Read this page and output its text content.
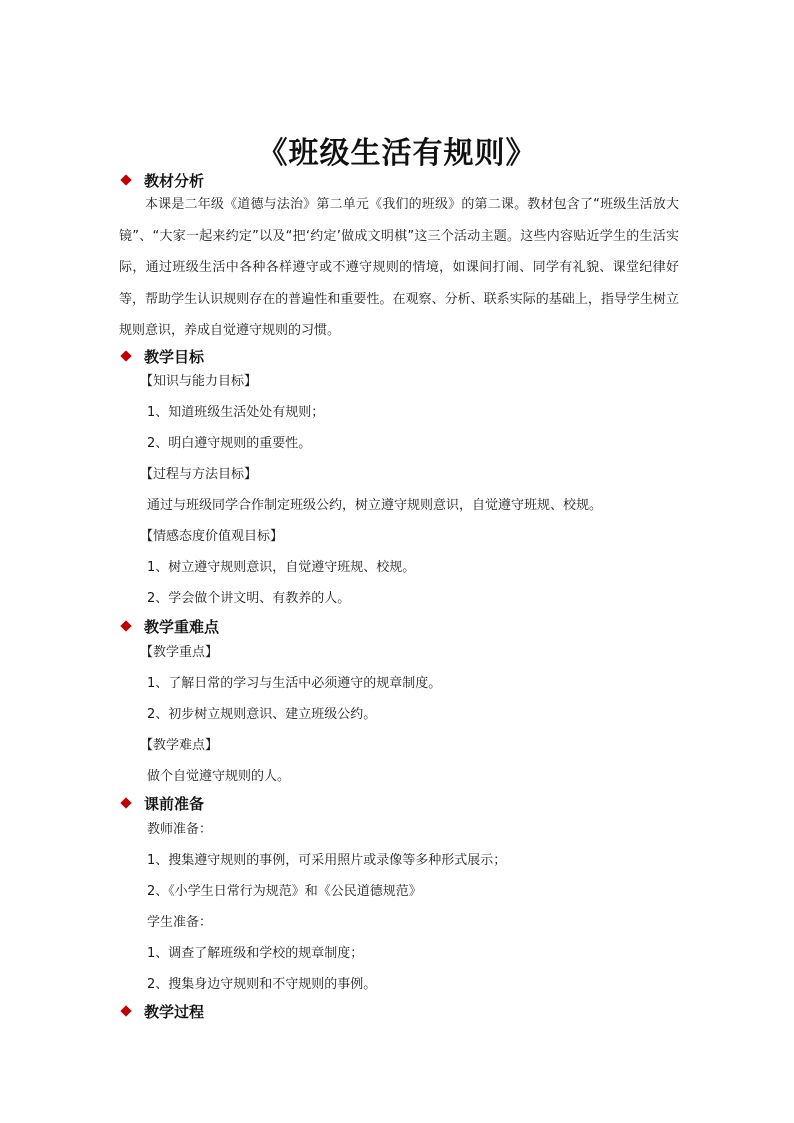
《班级生活有规则》
教材分析
本课是二年级《道德与法治》第二单元《我们的班级》的第二课。教材包含了“班级生活放大镜”、“大家一起来约定”以及“把‘约定’做成文明棋”这三个活动主题。这些内容贴近学生的生活实际，通过班级生活中各种各样遵守或不遵守规则的情境，如课间打闹、同学有礼貌、课堂纪律好等，帮助学生认识规则存在的普遍性和重要性。在观察、分析、联系实际的基础上，指导学生树立规则意识，养成自觉遵守规则的习惯。
教学目标
【知识与能力目标】
1、知道班级生活处处有规则；
2、明白遵守规则的重要性。
【过程与方法目标】
通过与班级同学合作制定班级公约，树立遵守规则意识，自觉遵守班规、校规。
【情感态度价值观目标】
1、树立遵守规则意识，自觉遵守班规、校规。
2、学会做个讲文明、有教养的人。
教学重难点
【教学重点】
1、了解日常的学习与生活中必须遵守的规章制度。
2、初步树立规则意识、建立班级公约。
【教学难点】
做个自觉遵守规则的人。
课前准备
教师准备：
1、搜集遵守规则的事例，可采用照片或录像等多种形式展示；
2、《小学生日常行为规范》和《公民道德规范》
学生准备：
1、调查了解班级和学校的规章制度；
2、搜集身边守规则和不守规则的事例。
教学过程
